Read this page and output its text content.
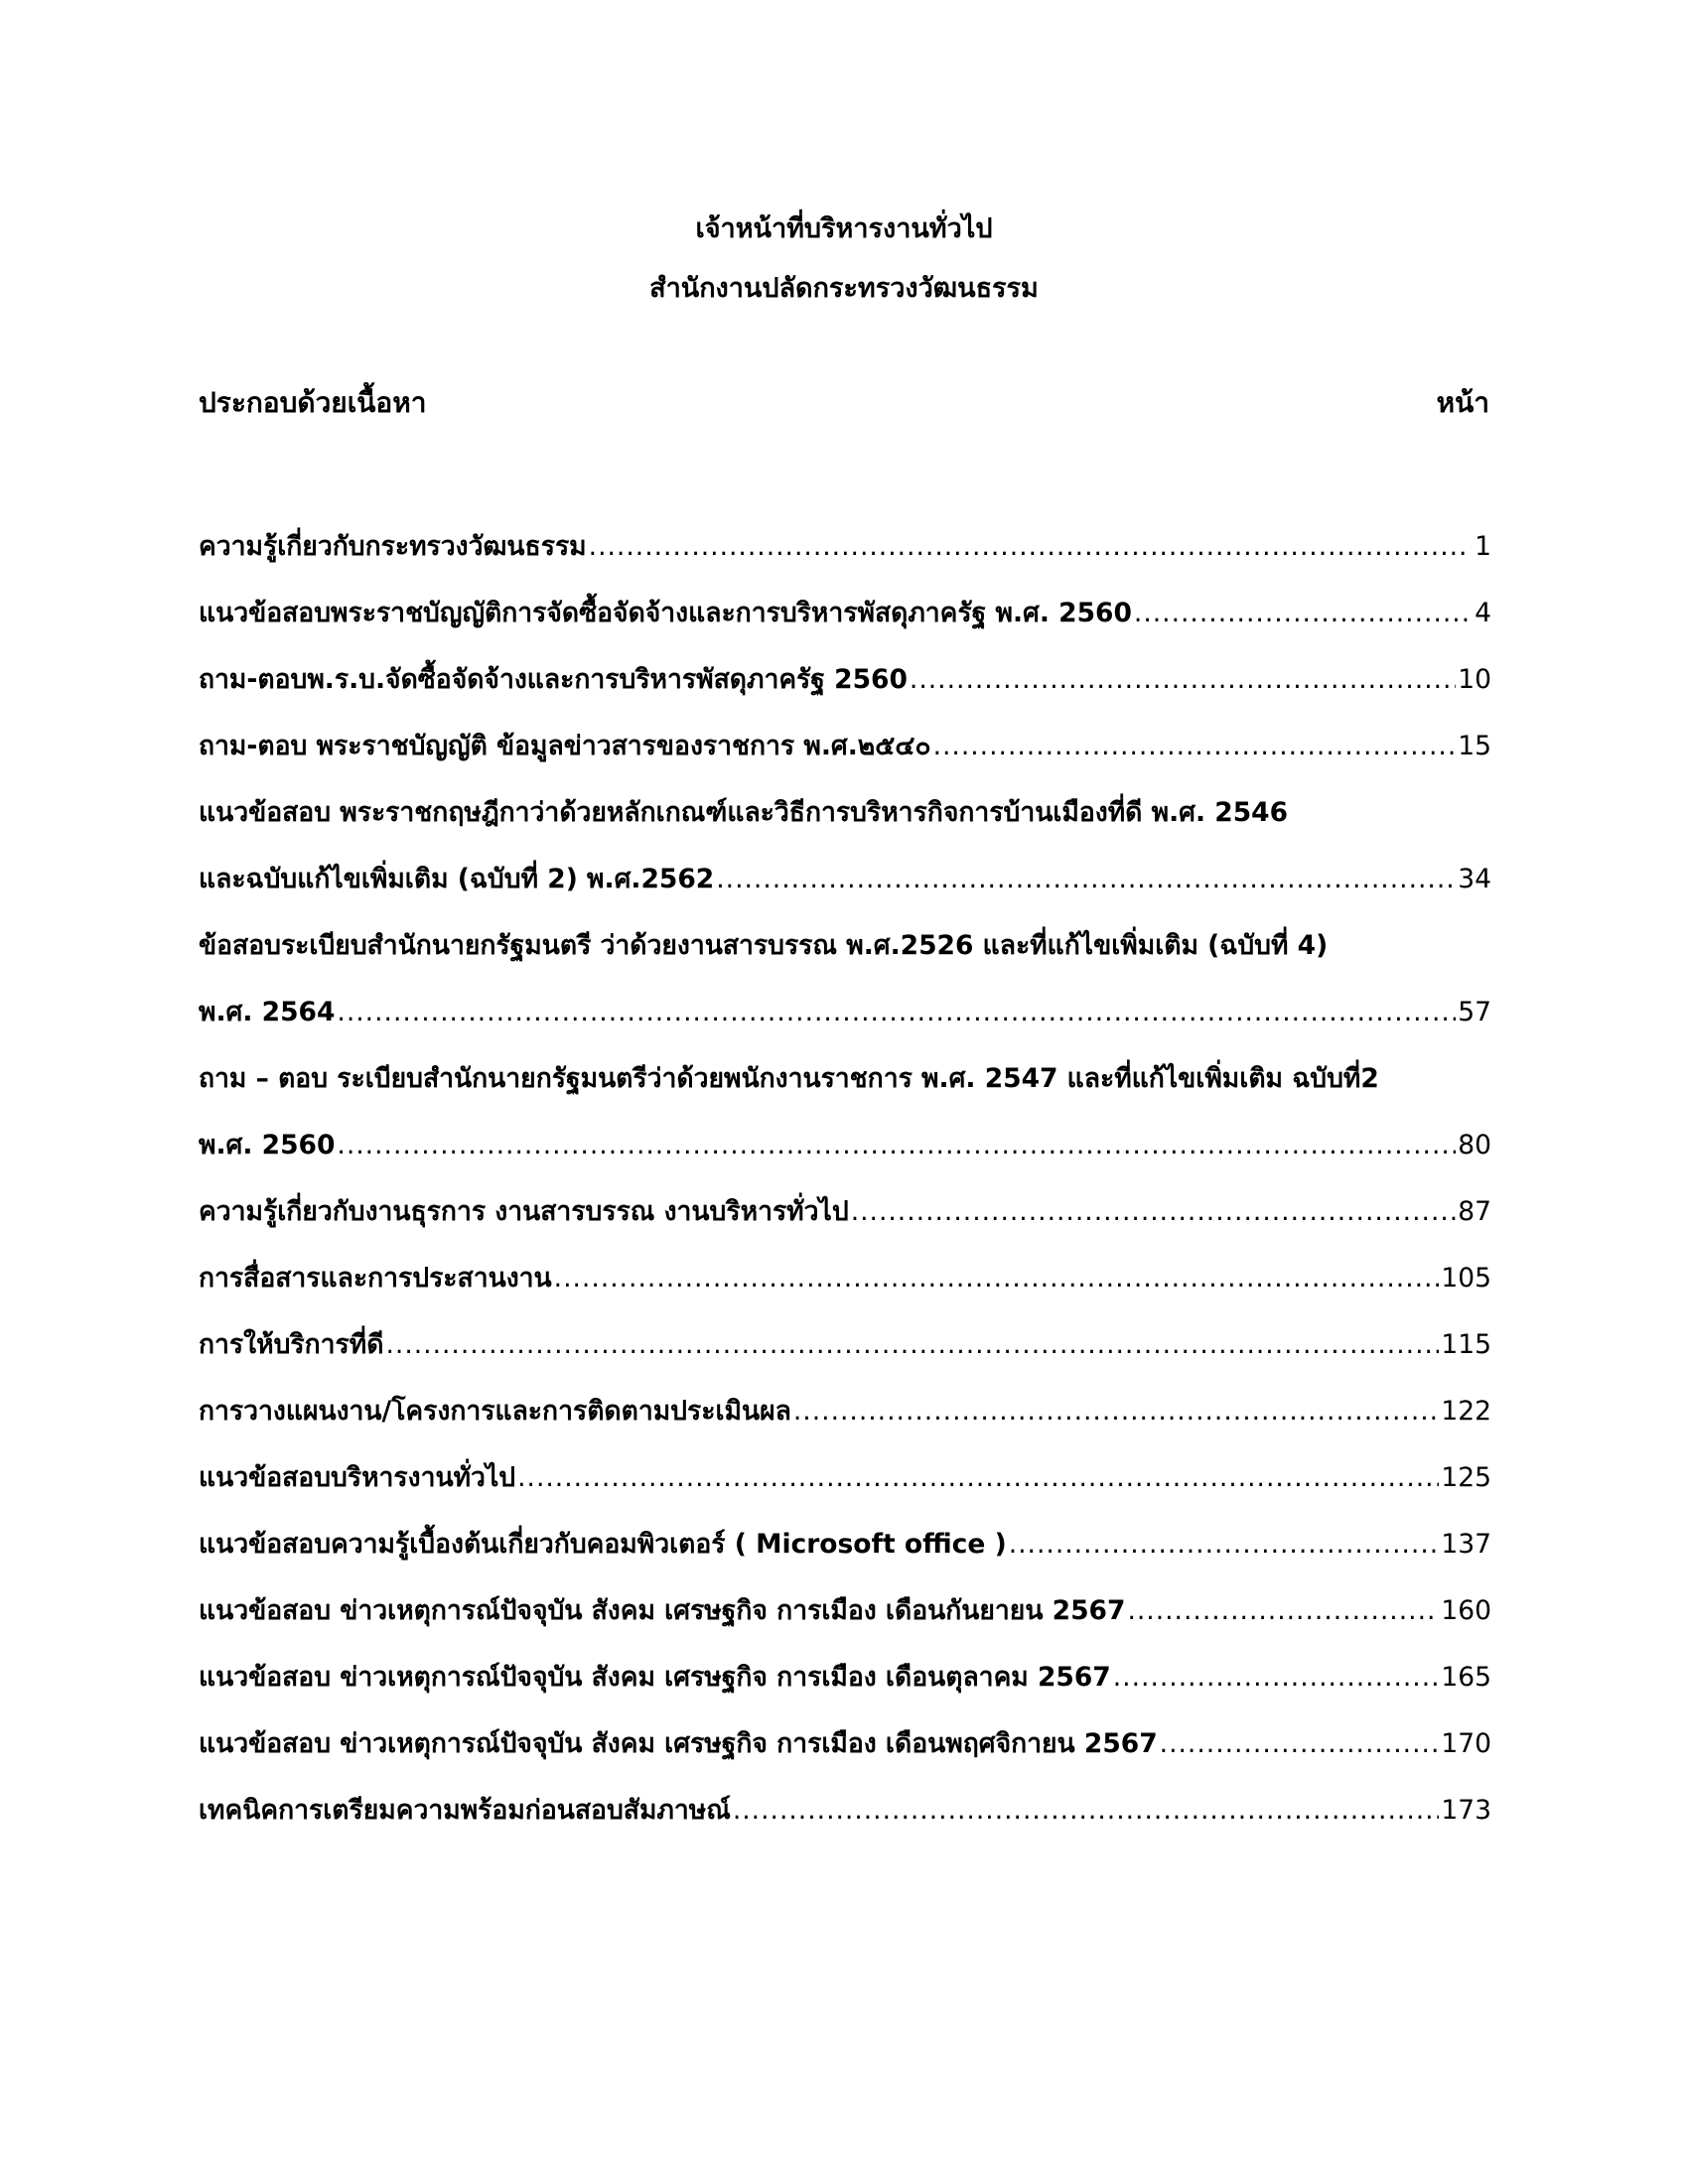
เจ้าหน้าที่บริหารงานทั่วไป
สำนักงานปลัดกระทรวงวัฒนธรรม
ประกอบด้วยเนื้อหา	หน้า
ความรู้เกี่ยวกับกระทรวงวัฒนธรรม .....	1
แนวข้อสอบพระราชบัญญัติการจัดซื้อจัดจ้างและการบริหารพัสดุภาครัฐ พ.ศ. 2560 .....	4
ถาม-ตอบพ.ร.บ.จัดซื้อจัดจ้างและการบริหารพัสดุภาครัฐ 2560 .....	10
ถาม-ตอบ พระราชบัญญัติ ข้อมูลข่าวสารของราชการ พ.ศ.๒๕๔๐ .....	15
แนวข้อสอบ พระราชกฤษฎีกาว่าด้วยหลักเกณฑ์และวิธีการบริหารกิจการบ้านเมืองที่ดี พ.ศ. 2546
และฉบับแก้ไขเพิ่มเติม (ฉบับที่ 2) พ.ศ.2562 .....	34
ข้อสอบระเบียบสำนักนายกรัฐมนตรี ว่าด้วยงานสารบรรณ พ.ศ.2526 และที่แก้ไขเพิ่มเติม (ฉบับที่ 4)
พ.ศ. 2564 .....	57
ถาม – ตอบ ระเบียบสำนักนายกรัฐมนตรีว่าด้วยพนักงานราชการ พ.ศ. 2547 และที่แก้ไขเพิ่มเติม ฉบับที่2
พ.ศ. 2560 .....	80
ความรู้เกี่ยวกับงานธุรการ งานสารบรรณ งานบริหารทั่วไป .....	87
การสื่อสารและการประสานงาน .....	105
การให้บริการที่ดี .....	115
การวางแผนงาน/โครงการและการติดตามประเมินผล .....	122
แนวข้อสอบบริหารงานทั่วไป .....	125
แนวข้อสอบความรู้เบื้องต้นเกี่ยวกับคอมพิวเตอร์ ( Microsoft office ) .....	137
แนวข้อสอบ ข่าวเหตุการณ์ปัจจุบัน สังคม เศรษฐกิจ การเมือง เดือนกันยายน 2567 .....	160
แนวข้อสอบ ข่าวเหตุการณ์ปัจจุบัน สังคม เศรษฐกิจ การเมือง เดือนตุลาคม 2567 .....	165
แนวข้อสอบ ข่าวเหตุการณ์ปัจจุบัน สังคม เศรษฐกิจ การเมือง เดือนพฤศจิกายน 2567 .....	170
เทคนิคการเตรียมความพร้อมก่อนสอบสัมภาษณ์ .....	173
